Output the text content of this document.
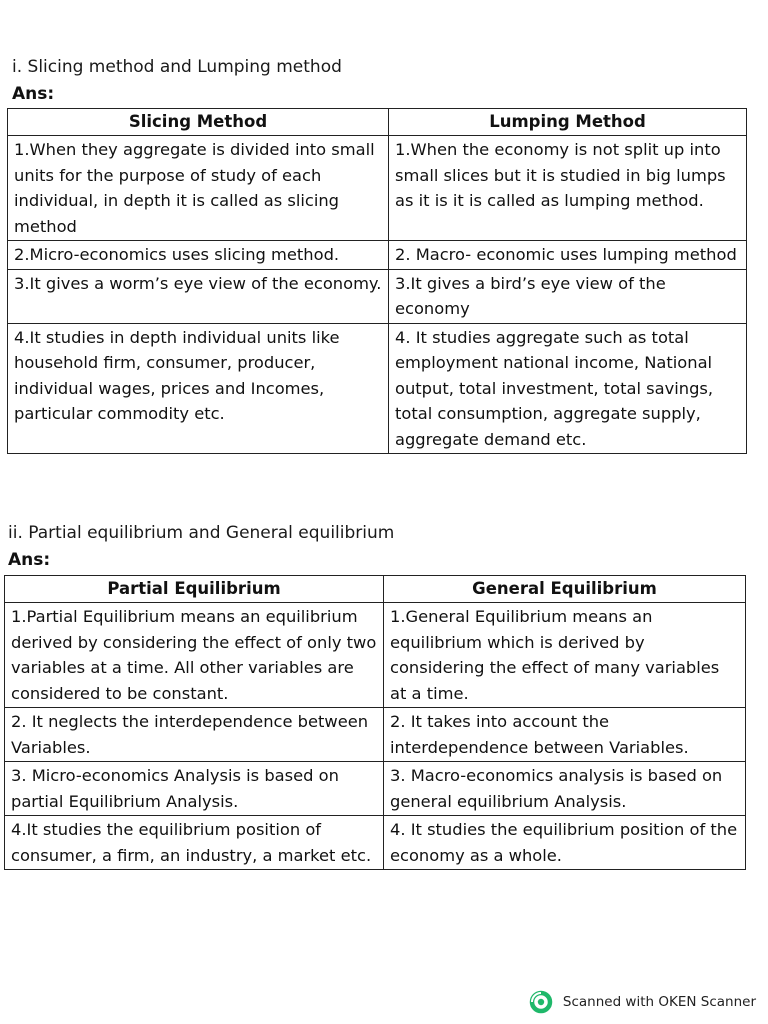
i. Slicing method and Lumping method
Ans:
Slicing Method	Lumping Method
1.When they aggregate is divided into small units for the purpose of study of each individual, in depth it is called as slicing method	1.When the economy is not split up into small slices but it is studied in big lumps as it is it is called as lumping method.
2.Micro-economics uses slicing method.	2. Macro- economic uses lumping method
3.It gives a worm’s eye view of the economy.	3.It gives a bird’s eye view of the economy
4.It studies in depth individual units like household firm, consumer, producer, individual wages, prices and Incomes, particular commodity etc.	4. It studies aggregate such as total employment national income, National output, total investment, total savings, total consumption, aggregate supply, aggregate demand etc.
ii. Partial equilibrium and General equilibrium
Ans:
Partial Equilibrium	General Equilibrium
1.Partial Equilibrium means an equilibrium derived by considering the effect of only two variables at a time. All other variables are considered to be constant.	1.General Equilibrium means an equilibrium which is derived by considering the effect of many variables at a time.
2. It neglects the interdependence between Variables.	2. It takes into account the interdependence between Variables.
3. Micro-economics Analysis is based on partial Equilibrium Analysis.	3. Macro-economics analysis is based on general equilibrium Analysis.
4.It studies the equilibrium position of consumer, a firm, an industry, a market etc.	4. It studies the equilibrium position of the economy as a whole.
Scanned with OKEN Scanner
